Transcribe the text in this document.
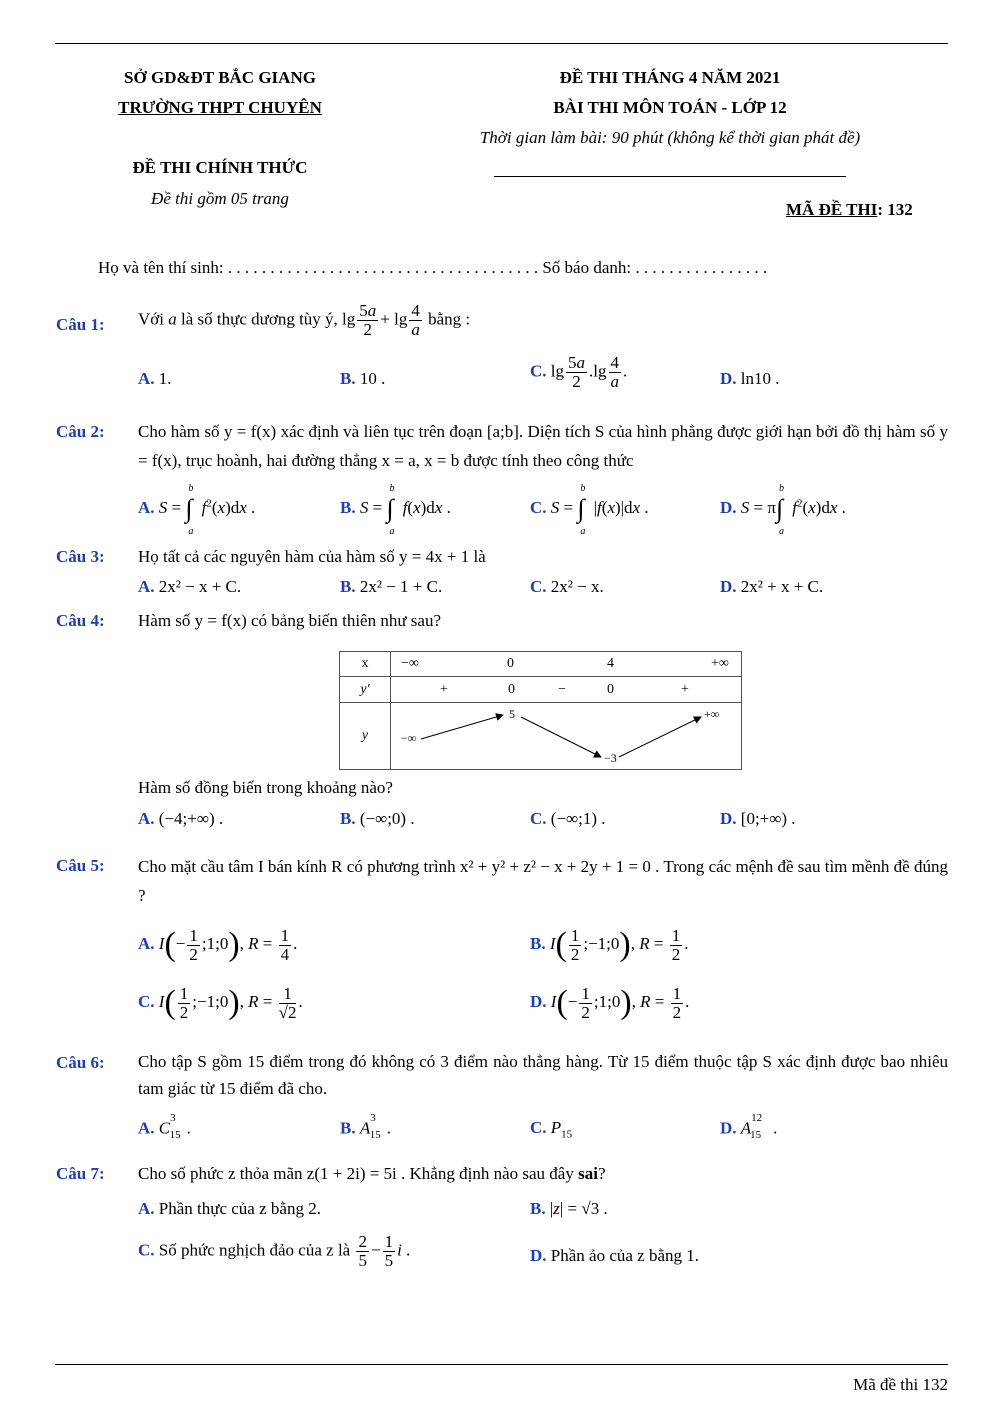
SỞ GD&ĐT BẮC GIANG
TRƯỜNG THPT CHUYÊN
ĐỀ THI CHÍNH THỨC
Đề thi gồm 05 trang
ĐỀ THI THÁNG 4 NĂM 2021
BÀI THI MÔN TOÁN - LỚP 12
Thời gian làm bài: 90 phút (không kể thời gian phát đề)
MÃ ĐỀ THI: 132
Họ và tên thí sinh: . . . . . . . . . . . . . . . . . . . . . . . . . . . . . . . . . . . . . Số báo danh: . . . . . . . . . . . . . . . .
Câu 1: Với a là số thực dương tùy ý, $\lg \frac{5a}{2} + \lg \frac{4}{a}$ bằng :
A. 1.	B. 10 .	C. $\lg \frac{5a}{2} .\lg \frac{4}{a}$ .	D. ln10 .
Câu 2: Cho hàm số y = f(x) xác định và liên tục trên đoạn [a;b]. Diện tích S của hình phẳng được giới hạn bởi đồ thị hàm số y = f(x), trục hoành, hai đường thẳng x = a, x = b được tính theo công thức
A. S =
b
∫
a
$f^2(x)dx$ .	B. S =
b
∫
a
f(x)dx .	C. S =
b
∫
a
|f(x)|dx .	D. S = π
b
∫
a
$f^2(x)dx$ .
Câu 3: Họ tất cả các nguyên hàm của hàm số y = 4x + 1 là
A. 2x² − x + C.	B. 2x² − 1 + C.	C. 2x² − x.	D. 2x² + x + C.
Câu 4: Hàm số y = f(x) có bảng biến thiên như sau?
x	−∞ 0 4 +∞

y′	+ 0 − 0 +

y	−∞
5
−3
+∞
Hàm số đồng biến trong khoảng nào?
A. (−4;+∞) .	B. (−∞;0) .	C. (−∞;1) .	D. [0;+∞) .
Câu 5: Cho mặt cầu tâm I bán kính R có phương trình x² + y² + z² − x + 2y + 1 = 0 . Trong các mệnh đề sau tìm mềnh đề đúng ?
A. $I(- \frac{1}{2}$ ;1;0), $R = \frac{1}{4}$ .	B. $I( \frac{1}{2}$ ;−1;0), $R = \frac{1}{2}$ .
C. $I( \frac{1}{2}$ ;−1;0), $R = \frac{1}{√2}$ .	D. $I(- \frac{1}{2}$ ;1;0), $R = \frac{1}{2}$ .
Câu 6: Cho tập S gồm 15 điểm trong đó không có 3 điểm nào thẳng hàng. Từ 15 điểm thuộc tập S xác định được bao nhiêu tam giác từ 15 điểm đã cho.
A. $C^3_{15}$ .	B. $A^3_{15}$ .	C. $P_{15}$	D. $A^{12}_{15}$ .
Câu 7: Cho số phức z thỏa mãn z(1 + 2i) = 5i . Khẳng định nào sau đây sai?
A. Phần thực của z bằng 2.	B. |z| = √3 .
C. Số phức nghịch đảo của z là $\frac{2}{5} - \frac{1}{5}$ i .	D. Phần ảo của z bằng 1.
Mã đề thi 132
